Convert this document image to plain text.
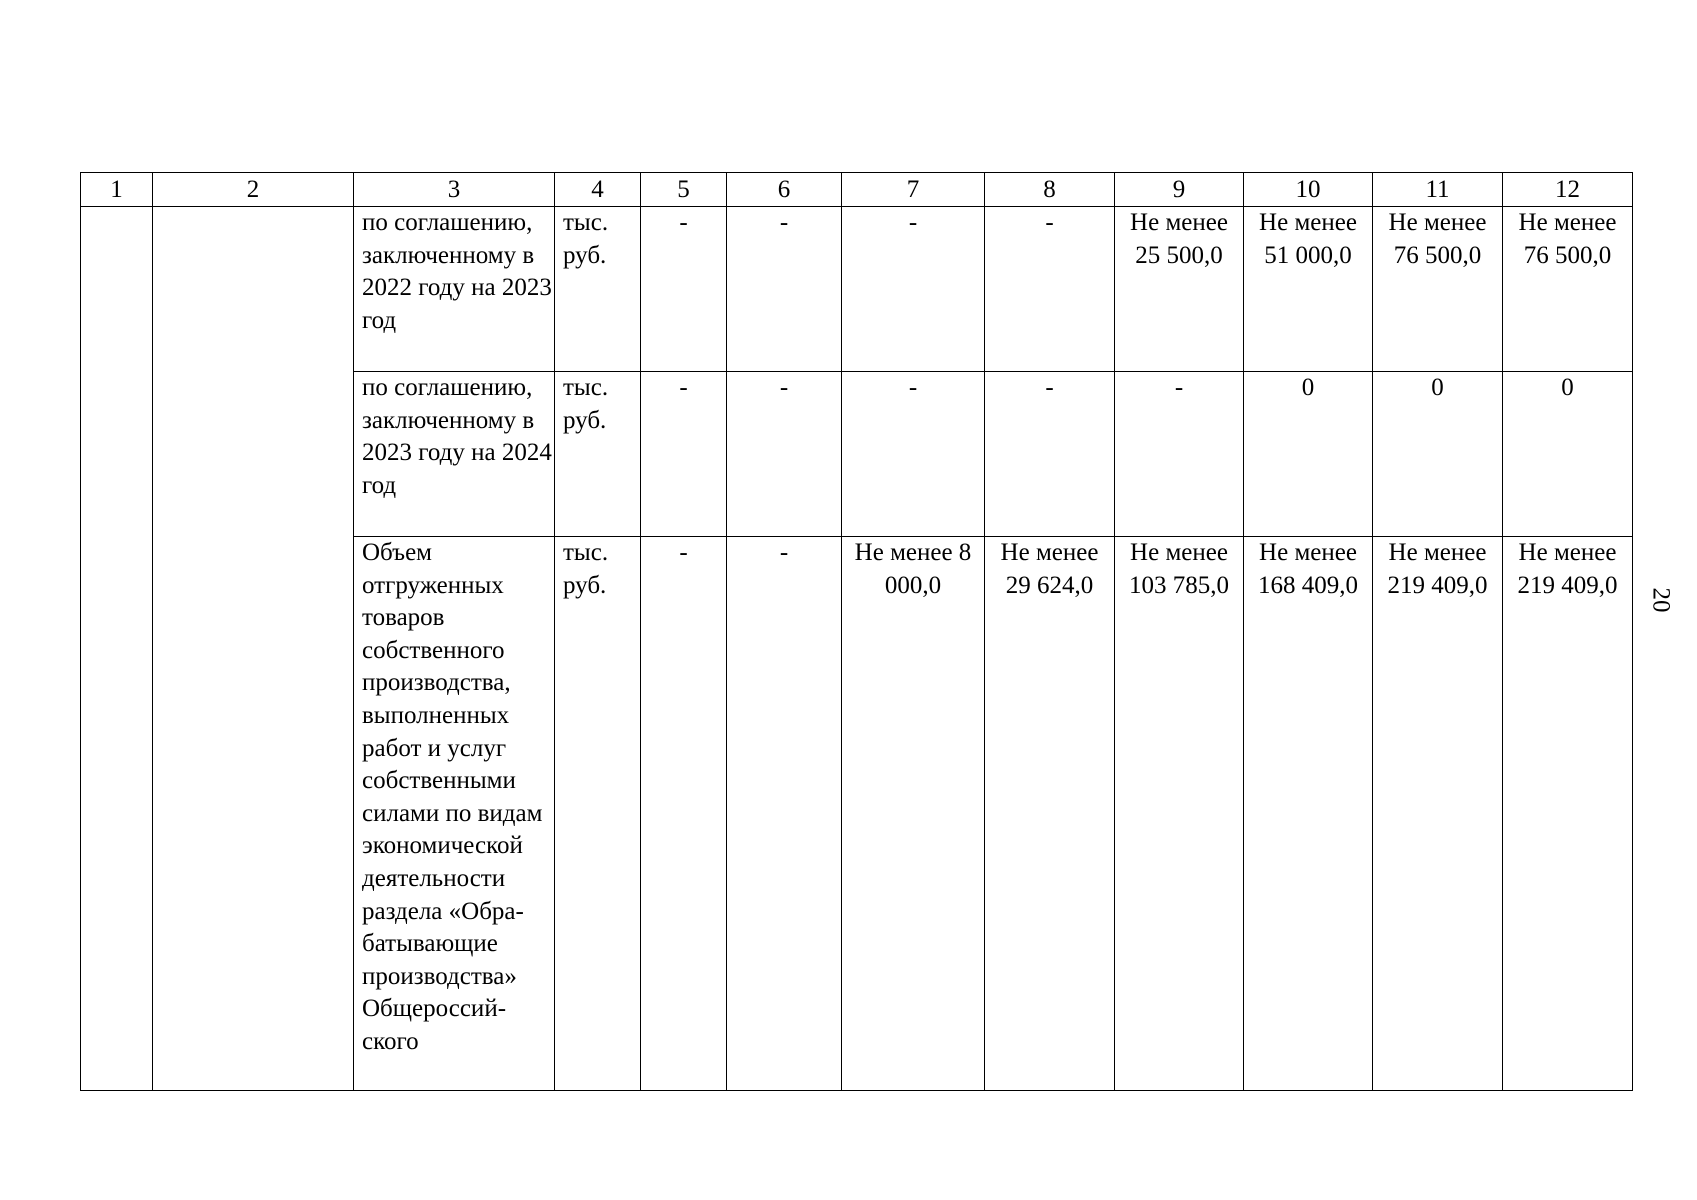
1	2	3	4	5	6	7	8	9	10	11	12
		по соглашению, заключенному в 2022 году на 2023 год	тыс. руб.	-	-	-	-	Не менее 25 500,0	Не менее 51 000,0	Не менее 76 500,0	Не менее 76 500,0
		по соглашению, заключенному в 2023 году на 2024 год	тыс. руб.	-	-	-	-	-	0	0	0
		Объем отгруженных товаров собственного производства, выполненных работ и услуг собственными силами по видам экономической деятельности раздела «Обра-батывающие производства» Общероссий-ского	тыс. руб.	-	-	Не менее 8 000,0	Не менее 29 624,0	Не менее 103 785,0	Не менее 168 409,0	Не менее 219 409,0	Не менее 219 409,0
20
